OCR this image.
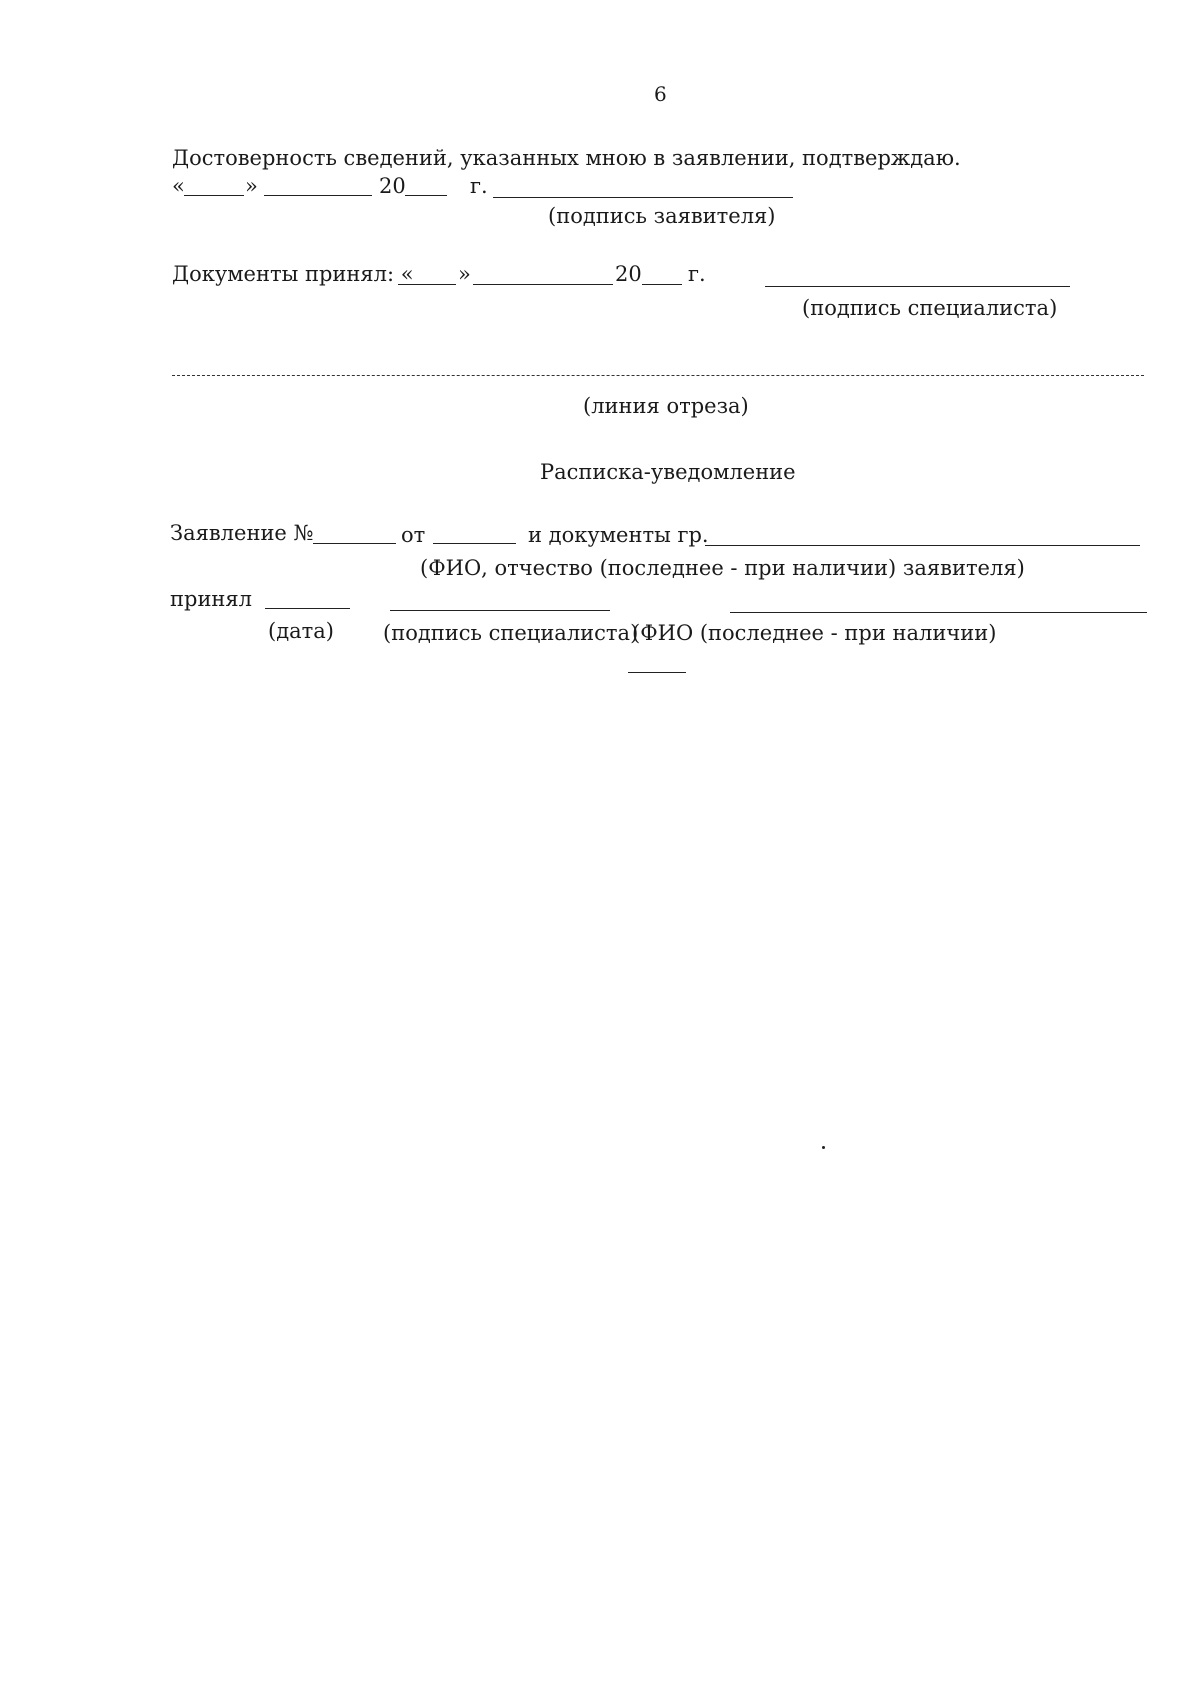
6
Достоверность сведений, указанных мною в заявлении, подтверждаю.
«	»	20	г.
(подпись заявителя)
Документы принял: « »	20 г.
(подпись специалиста)
(линия отреза)
Расписка-уведомление
Заявление №	от	и документы гр.
(ФИО, отчество (последнее - при наличии) заявителя)
принял
(дата) (подпись специалиста)
(ФИО (последнее - при наличии)
